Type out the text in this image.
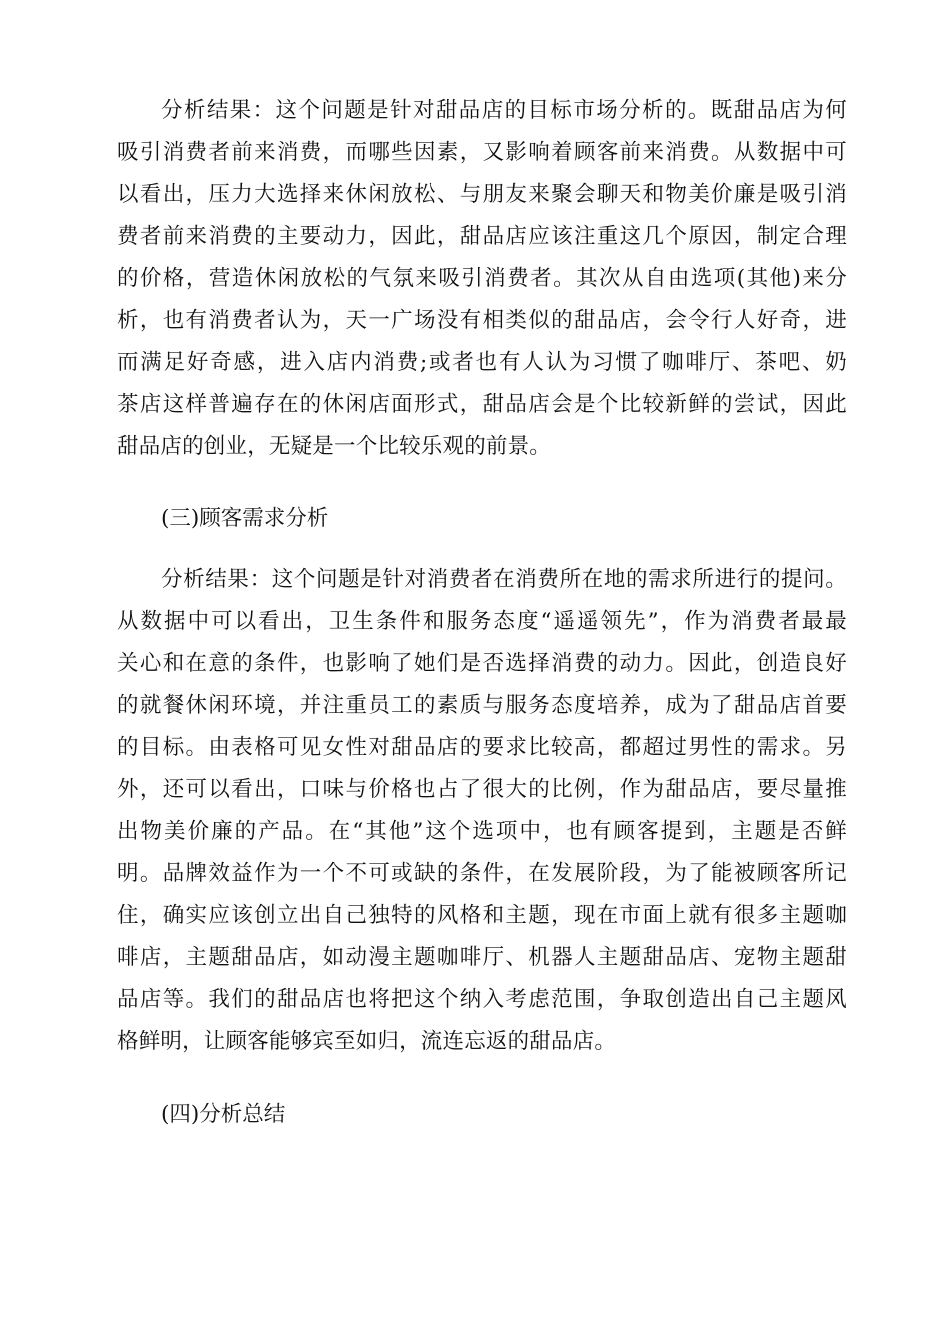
分析结果：这个问题是针对甜品店的目标市场分析的。既甜品店为何
吸引消费者前来消费，而哪些因素，又影响着顾客前来消费。从数据中可
以看出，压力大选择来休闲放松、与朋友来聚会聊天和物美价廉是吸引消
费者前来消费的主要动力，因此，甜品店应该注重这几个原因，制定合理
的价格，营造休闲放松的气氛来吸引消费者。其次从自由选项(其他)来分
析，也有消费者认为，天一广场没有相类似的甜品店，会令行人好奇，进
而满足好奇感，进入店内消费;或者也有人认为习惯了咖啡厅、茶吧、奶
茶店这样普遍存在的休闲店面形式，甜品店会是个比较新鲜的尝试，因此
甜品店的创业，无疑是一个比较乐观的前景。
(三)顾客需求分析
分析结果：这个问题是针对消费者在消费所在地的需求所进行的提问。
从数据中可以看出，卫生条件和服务态度“遥遥领先”，作为消费者最最
关心和在意的条件，也影响了她们是否选择消费的动力。因此，创造良好
的就餐休闲环境，并注重员工的素质与服务态度培养，成为了甜品店首要
的目标。由表格可见女性对甜品店的要求比较高，都超过男性的需求。另
外，还可以看出，口味与价格也占了很大的比例，作为甜品店，要尽量推
出物美价廉的产品。在“其他”这个选项中，也有顾客提到，主题是否鲜
明。品牌效益作为一个不可或缺的条件，在发展阶段，为了能被顾客所记
住，确实应该创立出自己独特的风格和主题，现在市面上就有很多主题咖
啡店，主题甜品店，如动漫主题咖啡厅、机器人主题甜品店、宠物主题甜
品店等。我们的甜品店也将把这个纳入考虑范围，争取创造出自己主题风
格鲜明，让顾客能够宾至如归，流连忘返的甜品店。
(四)分析总结
